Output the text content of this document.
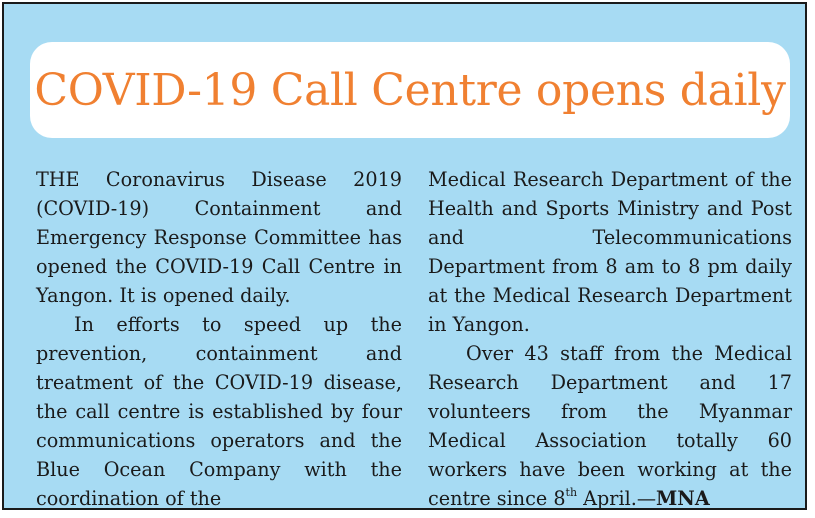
COVID-19 Call Centre opens daily

THE Coronavirus Disease 2019 (COVID-19) Containment and Emergency Response Committee has opened the COVID-19 Call Centre in Yangon. It is opened daily.

In efforts to speed up the prevention, containment and treatment of the COVID-19 disease, the call centre is established by four communications operators and the Blue Ocean Company with the coordination of the

Medical Research Department of the Health and Sports Ministry and Post and Telecommunications Department from 8 am to 8 pm daily at the Medical Research Department in Yangon.

Over 43 staff from the Medical Research Department and 17 volunteers from the Myanmar Medical Association totally 60 workers have been working at the centre since 8th April.—MNA
